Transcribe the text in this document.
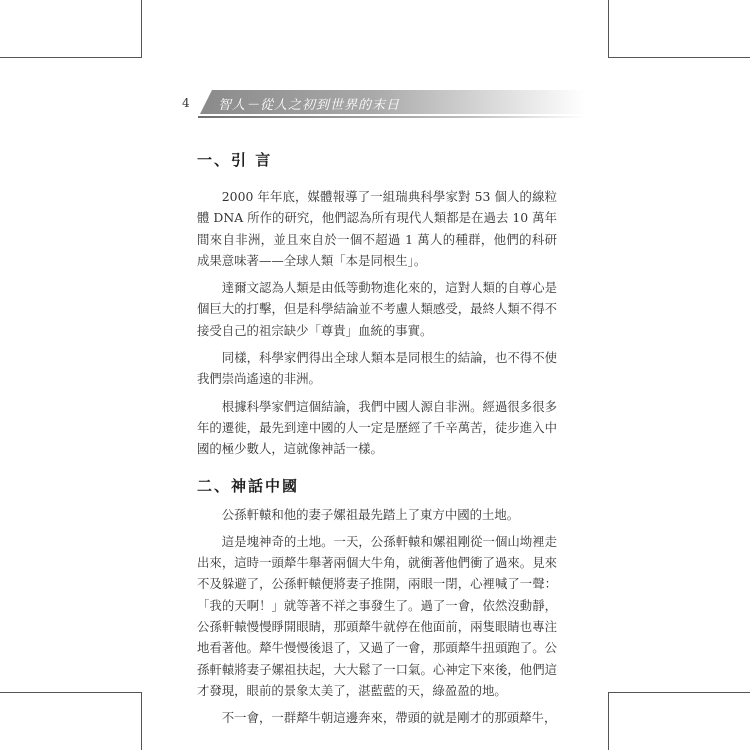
4 智人－從人之初到世界的末日
一、引 言

2000 年年底，媒體報導了一組瑞典科學家對 53 個人的線粒體 DNA 所作的研究，他們認為所有現代人類都是在過去 10 萬年間來自非洲，並且來自於一個不超過 1 萬人的種群，他們的科研成果意味著——全球人類「本是同根生」。

達爾文認為人類是由低等動物進化來的，這對人類的自尊心是個巨大的打擊，但是科學結論並不考慮人類感受，最終人類不得不接受自己的祖宗缺少「尊貴」血統的事實。

同樣，科學家們得出全球人類本是同根生的結論，也不得不使我們崇尚遙遠的非洲。

根據科學家們這個結論，我們中國人源自非洲。經過很多很多年的遷徙，最先到達中國的人一定是歷經了千辛萬苦，徒步進入中國的極少數人，這就像神話一樣。

二、神話中國

公孫軒轅和他的妻子嫘祖最先踏上了東方中國的土地。

這是塊神奇的土地。一天，公孫軒轅和嫘祖剛從一個山坳裡走出來，這時一頭犛牛舉著兩個大牛角，就衝著他們衝了過來。見來不及躲避了，公孫軒轅便將妻子推開，兩眼一閉，心裡喊了一聲：「我的天啊！」就等著不祥之事發生了。過了一會，依然沒動靜，公孫軒轅慢慢睜開眼睛，那頭犛牛就停在他面前，兩隻眼睛也專注地看著他。犛牛慢慢後退了，又過了一會，那頭犛牛扭頭跑了。公孫軒轅將妻子嫘祖扶起，大大鬆了一口氣。心神定下來後，他們這才發現，眼前的景象太美了，湛藍藍的天，綠盈盈的地。

不一會，一群犛牛朝這邊奔來，帶頭的就是剛才的那頭犛牛，
